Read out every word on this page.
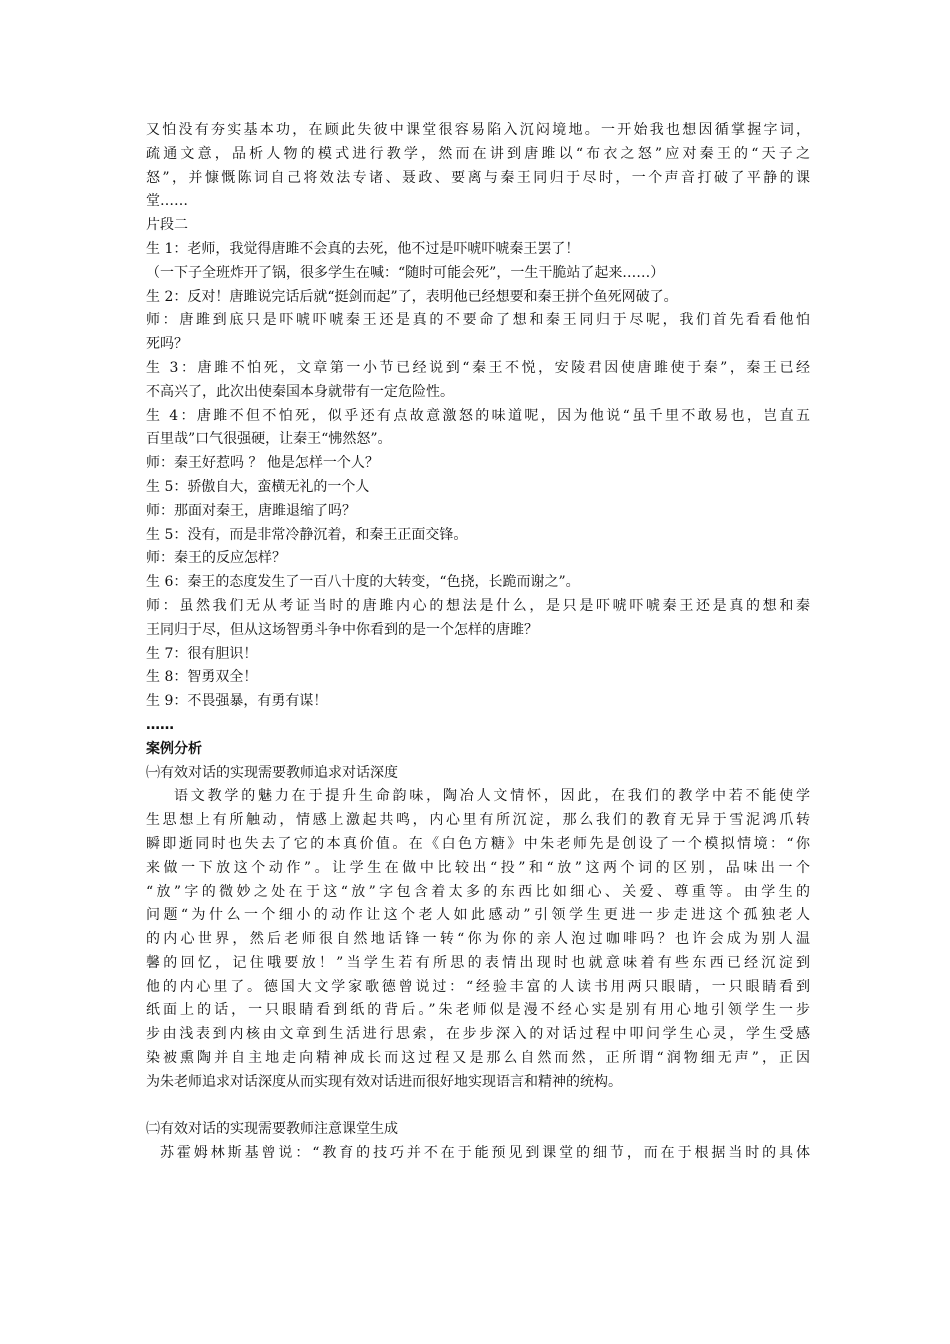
又怕没有夯实基本功，在顾此失彼中课堂很容易陷入沉闷境地。一开始我也想因循掌握字词，
疏通文意，品析人物的模式进行教学，然而在讲到唐雎以“布衣之怒”应对秦王的“天子之
怒”，并慷慨陈词自己将效法专诸、聂政、要离与秦王同归于尽时，一个声音打破了平静的课
堂……
片段二
生 1：老师，我觉得唐雎不会真的去死，他不过是吓唬吓唬秦王罢了！
（一下子全班炸开了锅，很多学生在喊：“随时可能会死”，一生干脆站了起来……）
生 2：反对！唐雎说完话后就“挺剑而起”了，表明他已经想要和秦王拼个鱼死网破了。
师：唐雎到底只是吓唬吓唬秦王还是真的不要命了想和秦王同归于尽呢，我们首先看看他怕
死吗？
生 3：唐雎不怕死，文章第一小节已经说到“秦王不悦，安陵君因使唐雎使于秦”，秦王已经
不高兴了，此次出使秦国本身就带有一定危险性。
生 4：唐雎不但不怕死，似乎还有点故意激怒的味道呢，因为他说“虽千里不敢易也，岂直五
百里哉”口气很强硬，让秦王“怫然怒”。
师：秦王好惹吗 ？ 他是怎样一个人？
生 5：骄傲自大，蛮横无礼的一个人
师：那面对秦王，唐雎退缩了吗？
生 5：没有，而是非常冷静沉着，和秦王正面交锋。
师：秦王的反应怎样？
生 6：秦王的态度发生了一百八十度的大转变，“色挠，长跪而谢之”。
师：虽然我们无从考证当时的唐雎内心的想法是什么，是只是吓唬吓唬秦王还是真的想和秦
王同归于尽，但从这场智勇斗争中你看到的是一个怎样的唐雎？
生 7：很有胆识！
生 8：智勇双全！
生 9：不畏强暴，有勇有谋！
……
案例分析
㈠有效对话的实现需要教师追求对话深度
语文教学的魅力在于提升生命韵味，陶冶人文情怀，因此，在我们的教学中若不能使学
生思想上有所触动，情感上激起共鸣，内心里有所沉淀，那么我们的教育无异于雪泥鸿爪转
瞬即逝同时也失去了它的本真价值。在《白色方糖》中朱老师先是创设了一个模拟情境：“你
来做一下放这个动作”。让学生在做中比较出“投”和“放”这两个词的区别，品味出一个
“放”字的微妙之处在于这“放”字包含着太多的东西比如细心、关爱、尊重等。由学生的
问题“为什么一个细小的动作让这个老人如此感动”引领学生更进一步走进这个孤独老人
的内心世界，然后老师很自然地话锋一转“你为你的亲人泡过咖啡吗？也许会成为别人温
馨的回忆，记住哦要放！”当学生若有所思的表情出现时也就意味着有些东西已经沉淀到
他的内心里了。德国大文学家歌德曾说过：“经验丰富的人读书用两只眼睛，一只眼睛看到
纸面上的话，一只眼睛看到纸的背后。”朱老师似是漫不经心实是别有用心地引领学生一步
步由浅表到内核由文章到生活进行思索，在步步深入的对话过程中叩问学生心灵，学生受感
染被熏陶并自主地走向精神成长而这过程又是那么自然而然，正所谓“润物细无声”，正因
为朱老师追求对话深度从而实现有效对话进而很好地实现语言和精神的统构。
㈡有效对话的实现需要教师注意课堂生成
苏霍姆林斯基曾说：“教育的技巧并不在于能预见到课堂的细节，而在于根据当时的具体
